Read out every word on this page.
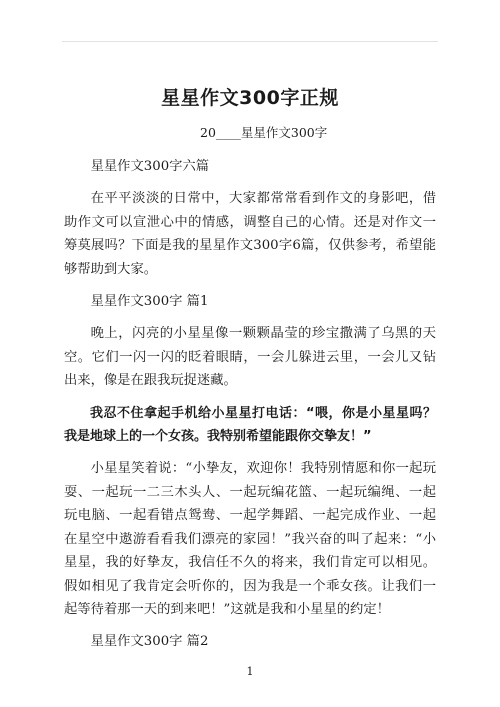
星星作文300字正规
20____星星作文300字

星星作文300字六篇

在平平淡淡的日常中，大家都常常看到作文的身影吧，借助作文可以宣泄心中的情感，调整自己的心情。还是对作文一筹莫展吗？下面是我的星星作文300字6篇，仅供参考，希望能够帮助到大家。

星星作文300字 篇1

晚上，闪亮的小星星像一颗颗晶莹的珍宝撒满了乌黑的天空。它们一闪一闪的眨着眼睛，一会儿躲进云里，一会儿又钻出来，像是在跟我玩捉迷藏。

我忍不住拿起手机给小星星打电话：“喂，你是小星星吗？我是地球上的一个女孩。我特别希望能跟你交挚友！”

小星星笑着说：“小挚友，欢迎你！我特别情愿和你一起玩耍、一起玩一二三木头人、一起玩编花篮、一起玩编绳、一起玩电脑、一起看错点鸳鸯、一起学舞蹈、一起完成作业、一起在星空中遨游看看我们漂亮的家园！”我兴奋的叫了起来：“小星星，我的好挚友，我信任不久的将来，我们肯定可以相见。假如相见了我肯定会听你的，因为我是一个乖女孩。让我们一起等待着那一天的到来吧！”这就是我和小星星的约定！

星星作文300字 篇2

1
